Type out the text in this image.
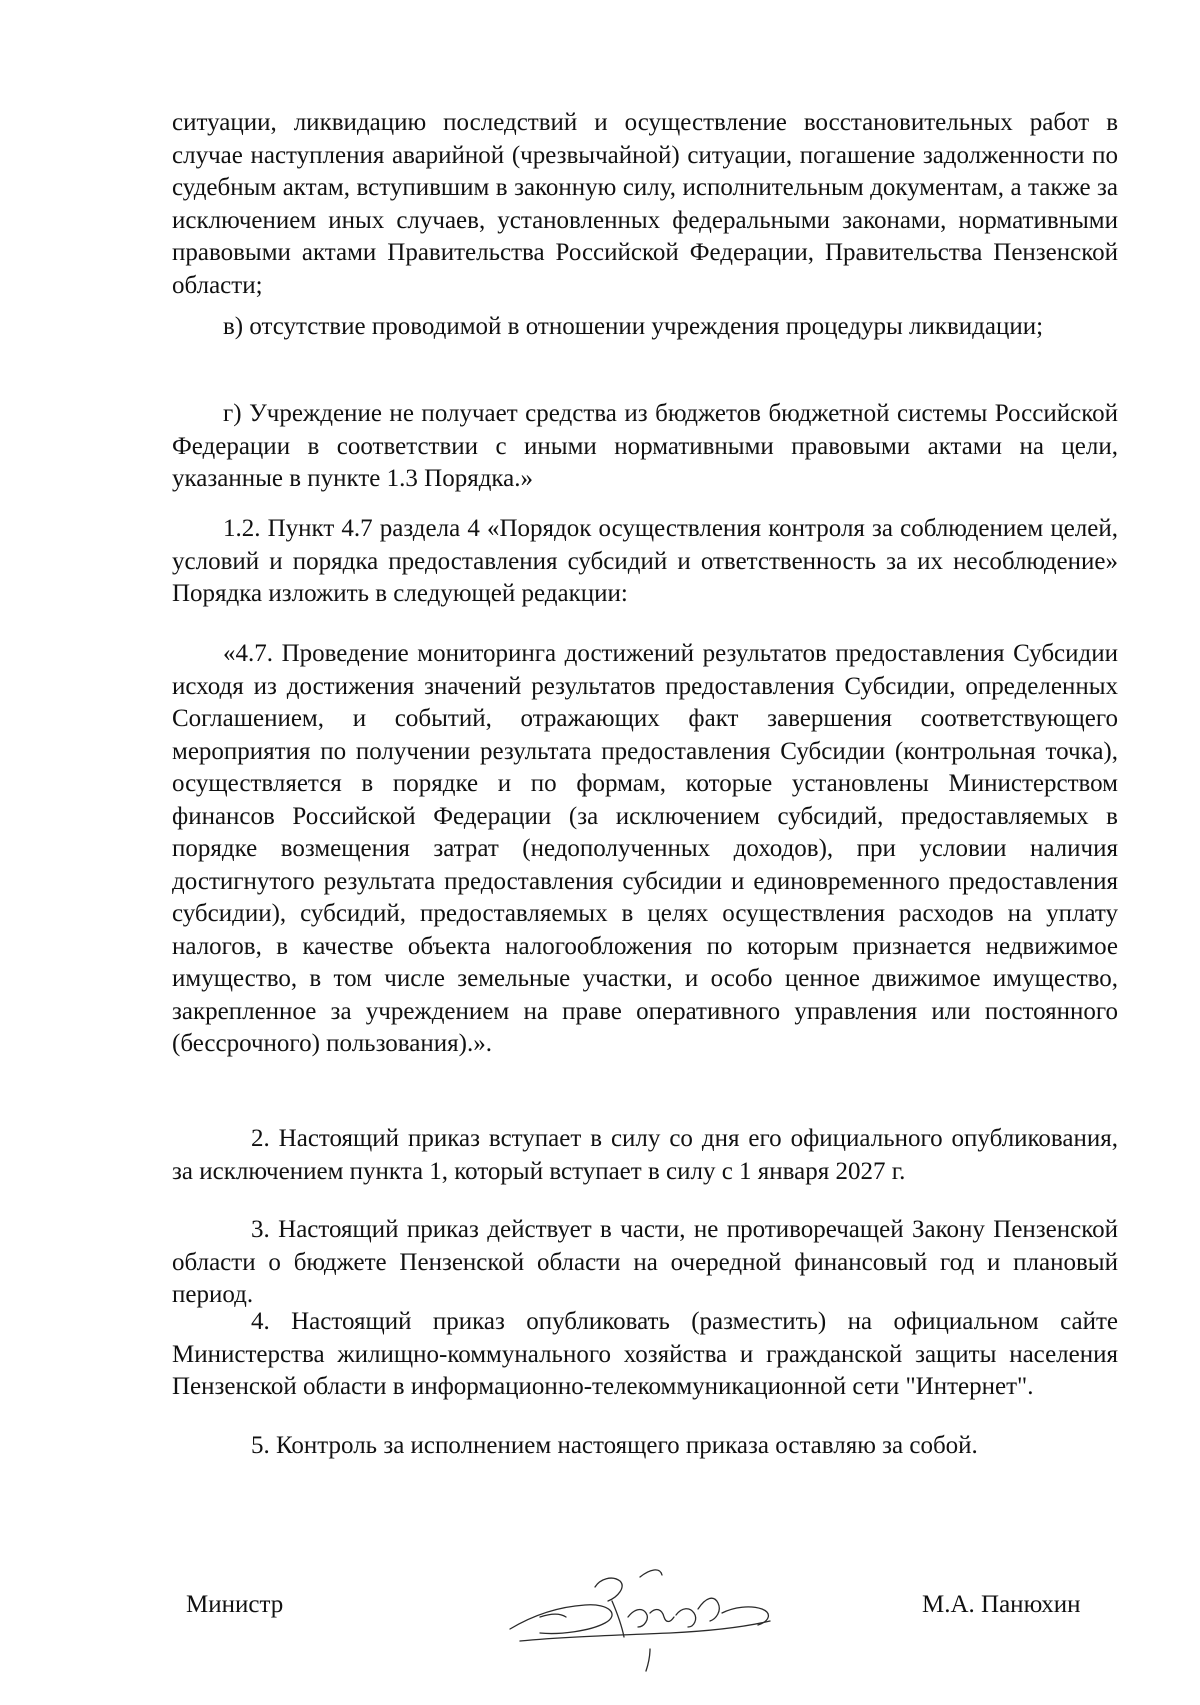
ситуации, ликвидацию последствий и осуществление восстановительных работ в случае наступления аварийной (чрезвычайной) ситуации, погашение задолженности по судебным актам, вступившим в законную силу, исполнительным документам, а также за исключением иных случаев, установленных федеральными законами, нормативными правовыми актами Правительства Российской Федерации, Правительства Пензенской области;

в) отсутствие проводимой в отношении учреждения процедуры ликвидации;

г) Учреждение не получает средства из бюджетов бюджетной системы Российской Федерации в соответствии с иными нормативными правовыми актами на цели, указанные в пункте 1.3 Порядка.»

1.2. Пункт 4.7 раздела 4 «Порядок осуществления контроля за соблюдением целей, условий и порядка предоставления субсидий и ответственность за их несоблюдение» Порядка изложить в следующей редакции:

«4.7. Проведение мониторинга достижений результатов предоставления Субсидии исходя из достижения значений результатов предоставления Субсидии, определенных Соглашением, и событий, отражающих факт завершения соответствующего мероприятия по получении результата предоставления Субсидии (контрольная точка), осуществляется в порядке и по формам, которые установлены Министерством финансов Российской Федерации (за исключением субсидий, предоставляемых в порядке возмещения затрат (недополученных доходов), при условии наличия достигнутого результата предоставления субсидии и единовременного предоставления субсидии), субсидий, предоставляемых в целях осуществления расходов на уплату налогов, в качестве объекта налогообложения по которым признается недвижимое имущество, в том числе земельные участки, и особо ценное движимое имущество, закрепленное за учреждением на праве оперативного управления или постоянного (бессрочного) пользования).».

2. Настоящий приказ вступает в силу со дня его официального опубликования, за исключением пункта 1, который вступает в силу с 1 января 2027 г.

3. Настоящий приказ действует в части, не противоречащей Закону Пензенской области о бюджете Пензенской области на очередной финансовый год и плановый период.

4. Настоящий приказ опубликовать (разместить) на официальном сайте Министерства жилищно-коммунального хозяйства и гражданской защиты населения Пензенской области в информационно-телекоммуникационной сети "Интернет".

5. Контроль за исполнением настоящего приказа оставляю за собой.

Министр	М.А. Панюхин
